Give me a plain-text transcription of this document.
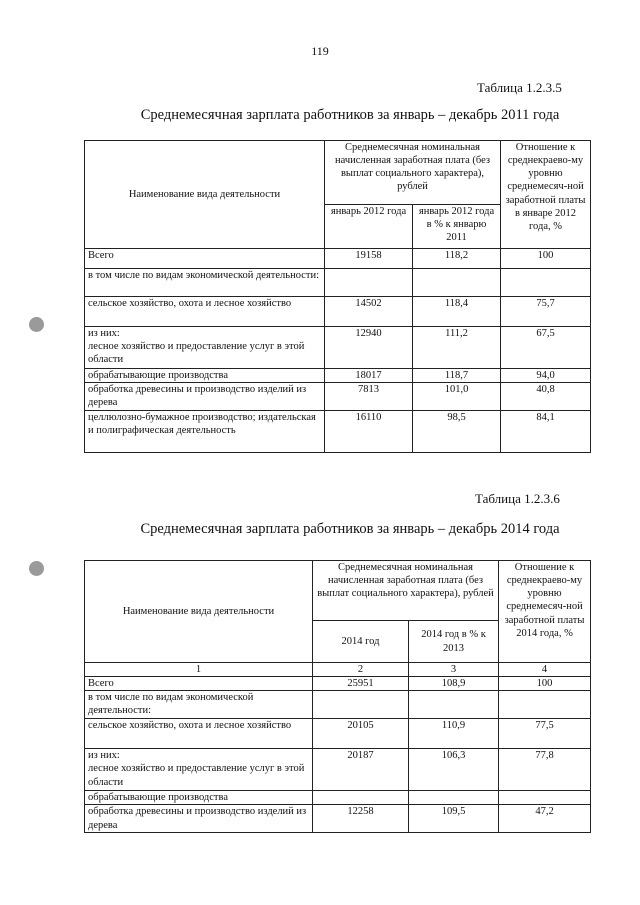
119
Таблица 1.2.3.5
Среднемесячная зарплата работников за январь – декабрь 2011 года
Наименование вида деятельности	Среднемесячная номинальная начисленная заработная плата (без выплат социального характера), рублей		Отношение к среднекраево-му уровню среднемесяч-ной заработной платы в январе 2012 года, %
	январь 2012 года	январь 2012 года в % к январю 2011	
Всего	19158	118,2	100
в том числе по видам экономической деятельности:			
сельское хозяйство, охота и лесное хозяйство	14502	118,4	75,7
из них:
лесное хозяйство и предоставление услуг в этой области	12940	111,2	67,5
обрабатывающие производства	18017	118,7	94,0
обработка древесины и производство изделий из дерева	7813	101,0	40,8
целлюлозно-бумажное производство; издательская и полиграфическая деятельность	16110	98,5	84,1
Таблица 1.2.3.6
Среднемесячная зарплата работников за январь – декабрь 2014 года
Наименование вида деятельности	Среднемесячная номинальная начисленная заработная плата (без выплат социального характера), рублей		Отношение к среднекраево-му уровню среднемесяч-ной заработной платы 2014 года, %
	2014 год	2014 год в % к 2013	
1	2	3	4
Всего	25951	108,9	100
в том числе по видам экономической деятельности:			
сельское хозяйство, охота и лесное хозяйство	20105	110,9	77,5
из них:
лесное хозяйство и предоставление услуг в этой области	20187	106,3	77,8
обрабатывающие производства			
обработка древесины и производство изделий из дерева	12258	109,5	47,2
